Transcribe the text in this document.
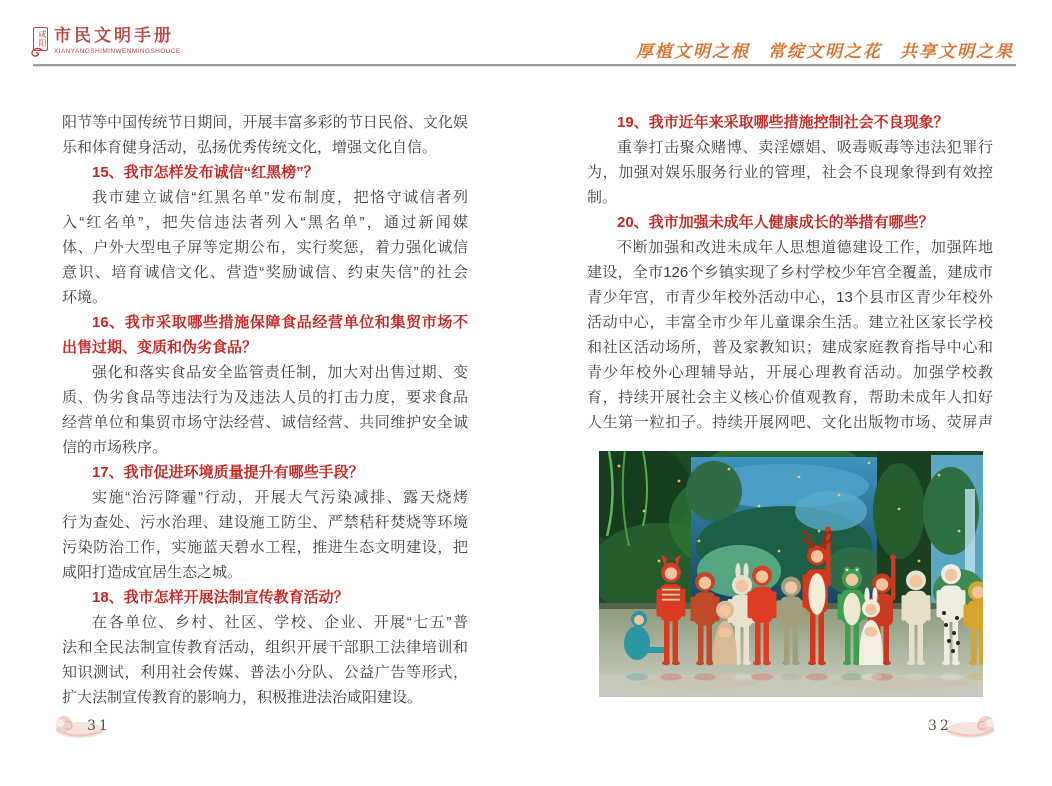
咸阳 市民文明手册
XIANYANGSHIMINWENMINGSHOUCE	厚植文明之根 常绽文明之花 共享文明之果
阳节等中国传统节日期间，开展丰富多彩的节日民俗、文化娱
乐和体育健身活动，弘扬优秀传统文化，增强文化自信。
15、我市怎样发布诚信“红黑榜”？
我市建立诚信“红黑名单”发布制度，把恪守诚信者列
入“红名单”，把失信违法者列入“黑名单”，通过新闻媒
体、户外大型电子屏等定期公布，实行奖惩，着力强化诚信
意识、培育诚信文化、营造“奖励诚信、约束失信”的社会
环境。
16、我市采取哪些措施保障食品经营单位和集贸市场不
出售过期、变质和伪劣食品？
强化和落实食品安全监管责任制，加大对出售过期、变
质、伪劣食品等违法行为及违法人员的打击力度，要求食品
经营单位和集贸市场守法经营、诚信经营、共同维护安全诚
信的市场秩序。
17、我市促进环境质量提升有哪些手段？
实施“治污降霾”行动，开展大气污染减排、露天烧烤
行为查处、污水治理、建设施工防尘、严禁秸秆焚烧等环境
污染防治工作，实施蓝天碧水工程，推进生态文明建设，把
咸阳打造成宜居生态之城。
18、我市怎样开展法制宣传教育活动？
在各单位、乡村、社区、学校、企业、开展“七五”普
法和全民法制宣传教育活动，组织开展干部职工法律培训和
知识测试，利用社会传媒、普法小分队、公益广告等形式，
扩大法制宣传教育的影响力，积极推进法治咸阳建设。
19、我市近年来采取哪些措施控制社会不良现象？
重拳打击聚众赌博、卖淫嫖娼、吸毒贩毒等违法犯罪行
为，加强对娱乐服务行业的管理，社会不良现象得到有效控
制。
20、我市加强未成年人健康成长的举措有哪些？
不断加强和改进未成年人思想道德建设工作，加强阵地
建设，全市126个乡镇实现了乡村学校少年宫全覆盖，建成市
青少年宫，市青少年校外活动中心，13个县市区青少年校外
活动中心，丰富全市少年儿童课余生活。建立社区家长学校
和社区活动场所，普及家教知识；建成家庭教育指导中心和
青少年校外心理辅导站，开展心理教育活动。加强学校教
育，持续开展社会主义核心价值观教育，帮助未成年人扣好
人生第一粒扣子。持续开展网吧、文化出版物市场、荧屏声
31	32
